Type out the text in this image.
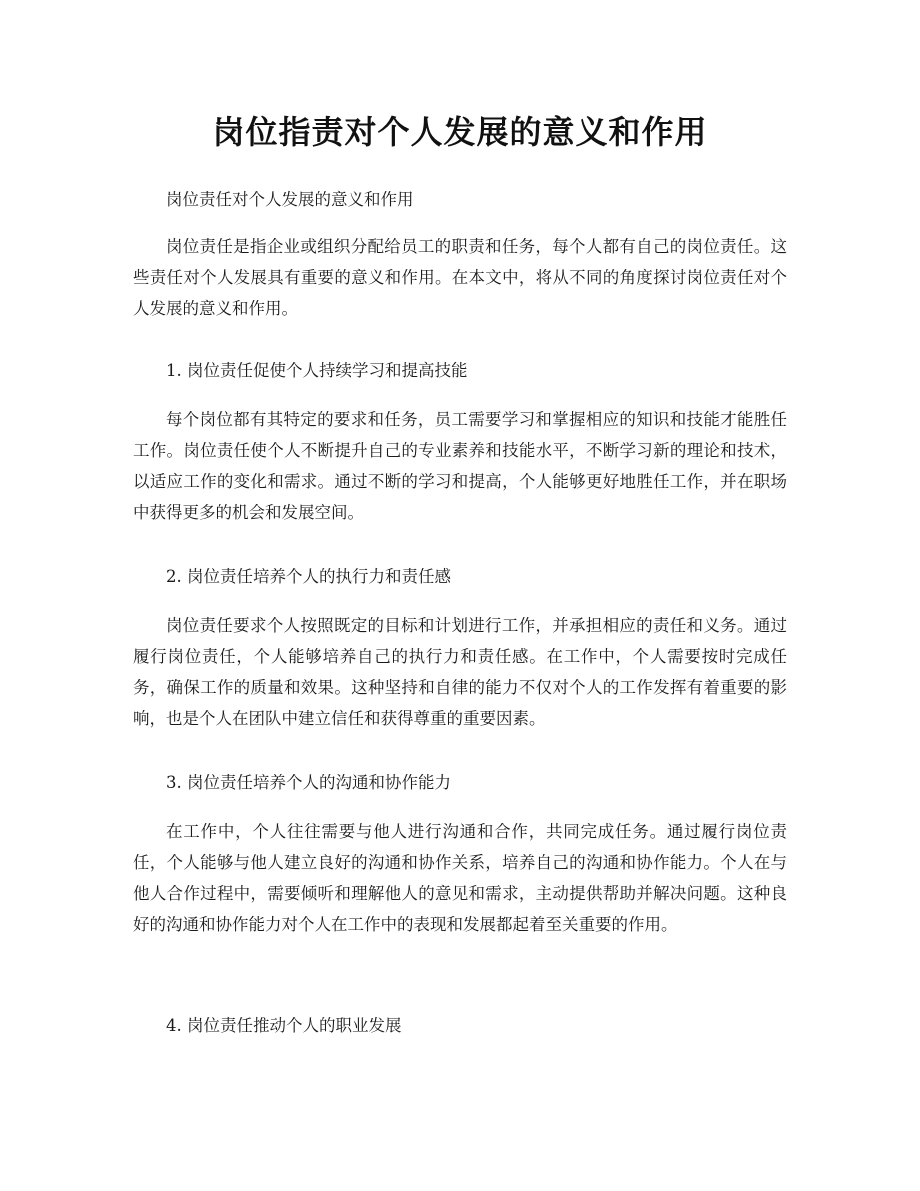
岗位指责对个人发展的意义和作用
岗位责任对个人发展的意义和作用
岗位责任是指企业或组织分配给员工的职责和任务，每个人都有自己的岗位责任。这些责任对个人发展具有重要的意义和作用。在本文中，将从不同的角度探讨岗位责任对个人发展的意义和作用。
1. 岗位责任促使个人持续学习和提高技能
每个岗位都有其特定的要求和任务，员工需要学习和掌握相应的知识和技能才能胜任工作。岗位责任使个人不断提升自己的专业素养和技能水平，不断学习新的理论和技术，以适应工作的变化和需求。通过不断的学习和提高，个人能够更好地胜任工作，并在职场中获得更多的机会和发展空间。
2. 岗位责任培养个人的执行力和责任感
岗位责任要求个人按照既定的目标和计划进行工作，并承担相应的责任和义务。通过履行岗位责任，个人能够培养自己的执行力和责任感。在工作中，个人需要按时完成任务，确保工作的质量和效果。这种坚持和自律的能力不仅对个人的工作发挥有着重要的影响，也是个人在团队中建立信任和获得尊重的重要因素。
3. 岗位责任培养个人的沟通和协作能力
在工作中，个人往往需要与他人进行沟通和合作，共同完成任务。通过履行岗位责任，个人能够与他人建立良好的沟通和协作关系，培养自己的沟通和协作能力。个人在与他人合作过程中，需要倾听和理解他人的意见和需求，主动提供帮助并解决问题。这种良好的沟通和协作能力对个人在工作中的表现和发展都起着至关重要的作用。
4. 岗位责任推动个人的职业发展
